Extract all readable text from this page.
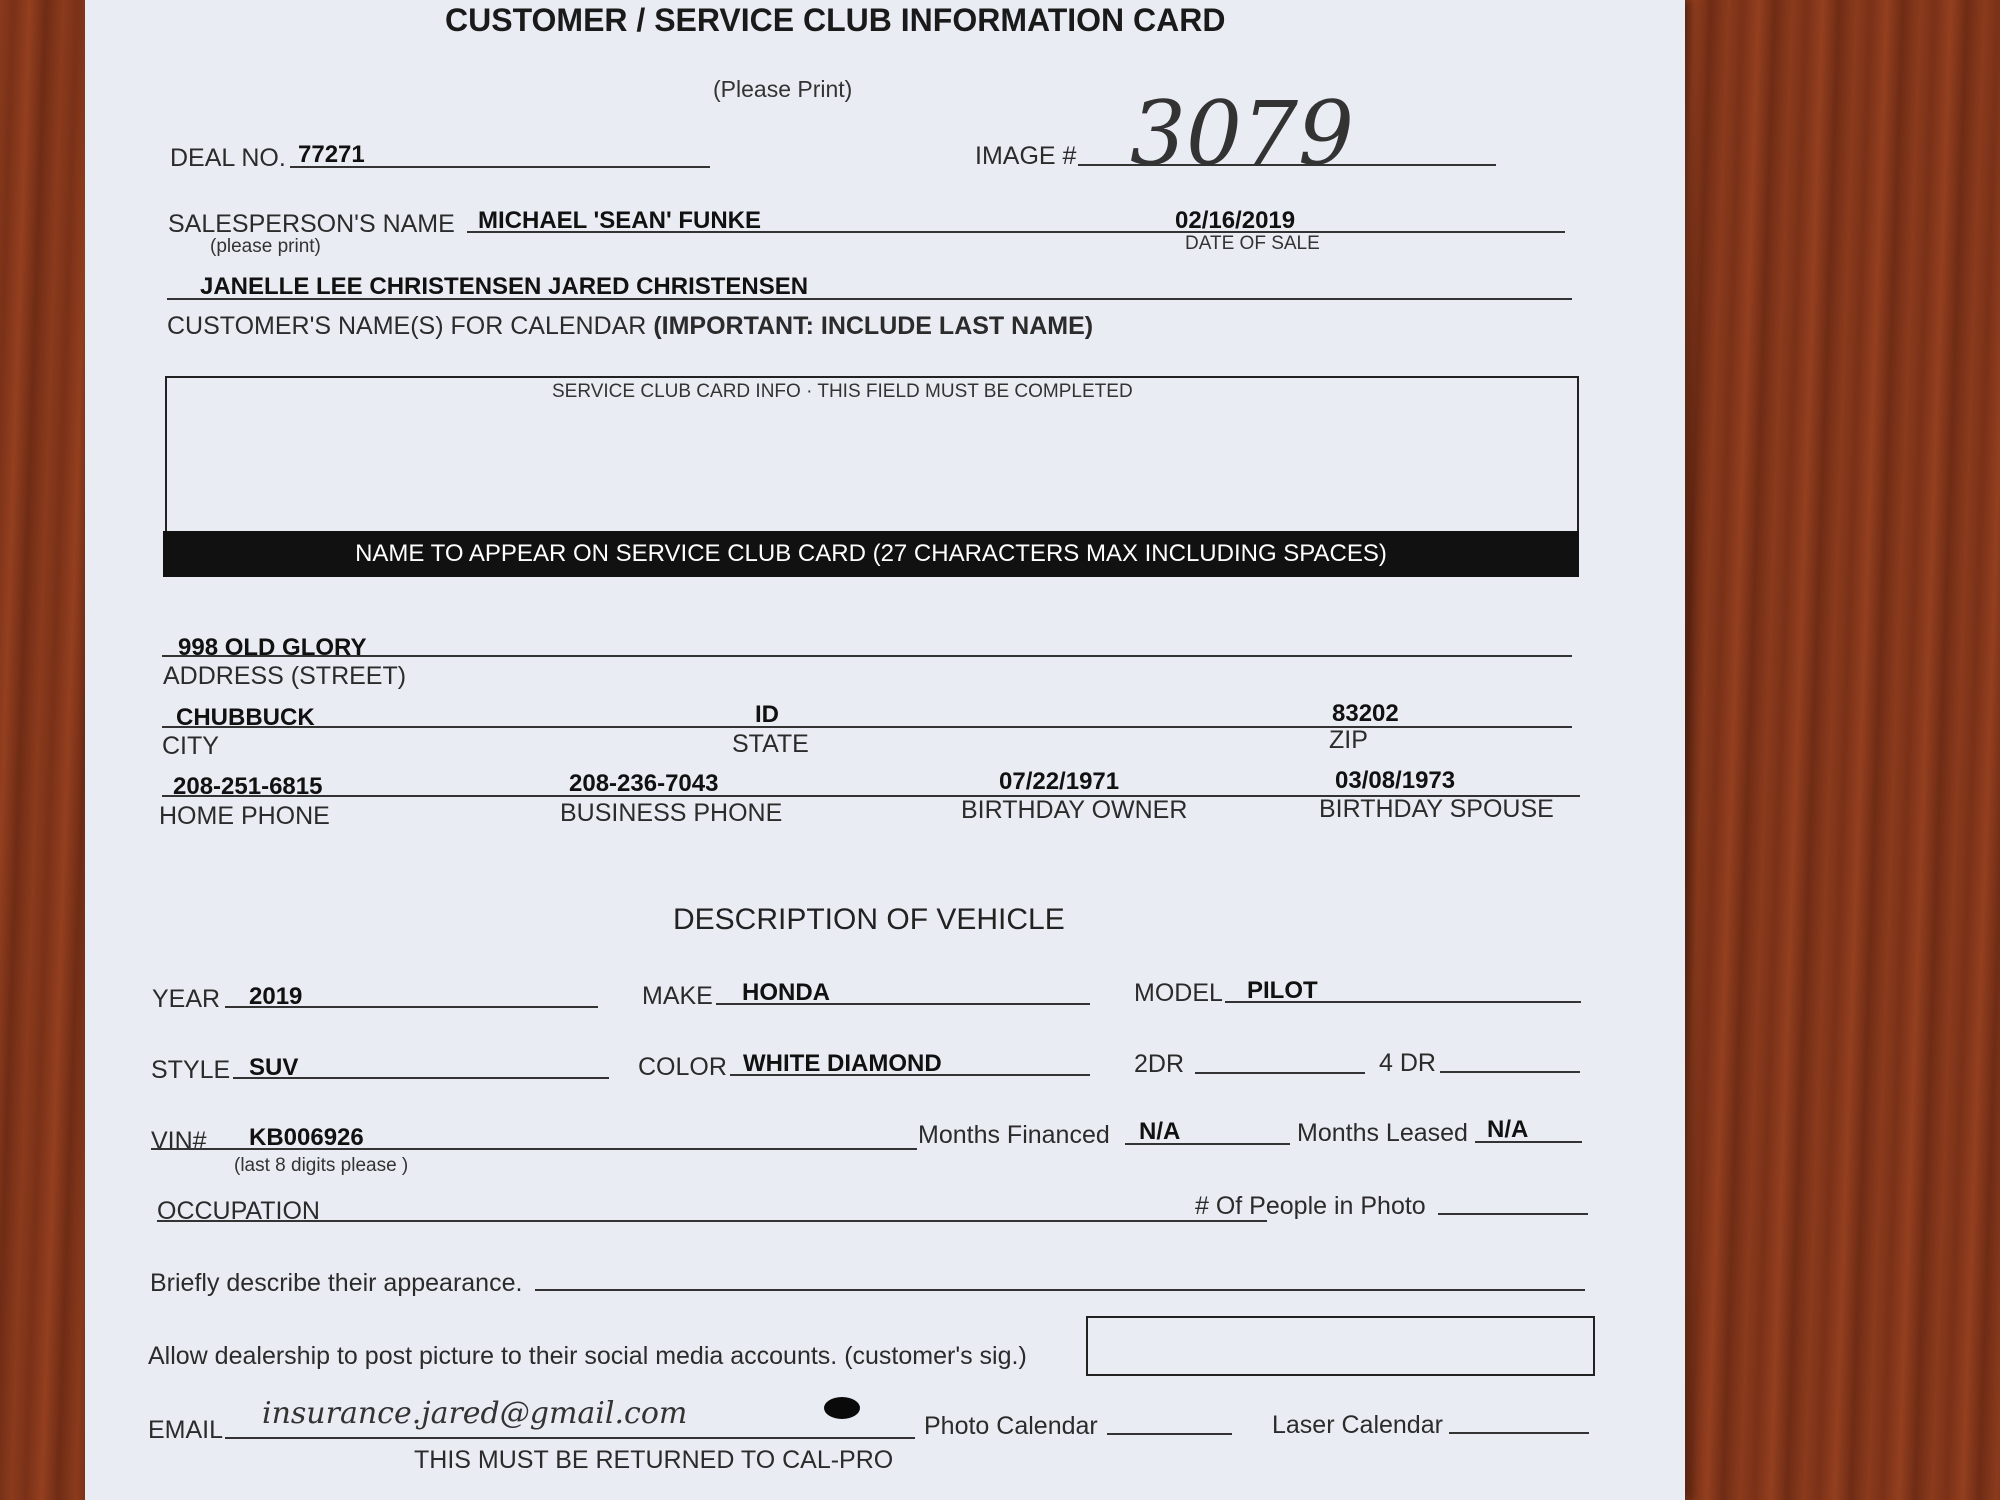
CUSTOMER / SERVICE CLUB INFORMATION CARD
(Please Print)
DEAL NO. 77271	IMAGE # 3079
SALESPERSON'S NAME
(please print)
MICHAEL 'SEAN' FUNKE	02/16/2019
DATE OF SALE
JANELLE LEE CHRISTENSEN JARED CHRISTENSEN
CUSTOMER'S NAME(S) FOR CALENDAR (IMPORTANT: INCLUDE LAST NAME)
SERVICE CLUB CARD INFO · THIS FIELD MUST BE COMPLETED
NAME TO APPEAR ON SERVICE CLUB CARD (27 CHARACTERS MAX INCLUDING SPACES)
998 OLD GLORY
ADDRESS (STREET)
CHUBBUCK	ID	83202
CITY	STATE	ZIP
208-251-6815	208-236-7043	07/22/1971	03/08/1973
HOME PHONE	BUSINESS PHONE	BIRTHDAY OWNER	BIRTHDAY SPOUSE
DESCRIPTION OF VEHICLE
YEAR 2019	MAKE HONDA	MODEL PILOT
STYLE SUV	COLOR WHITE DIAMOND	2DR	4 DR
VIN# KB006926
(last 8 digits please )
Months Financed N/A	Months Leased N/A
OCCUPATION	# Of People in Photo
Briefly describe their appearance.
Allow dealership to post picture to their social media accounts. (customer's sig.)
EMAIL insurance.jared@gmail.com	Photo Calendar	Laser Calendar
THIS MUST BE RETURNED TO CAL-PRO
